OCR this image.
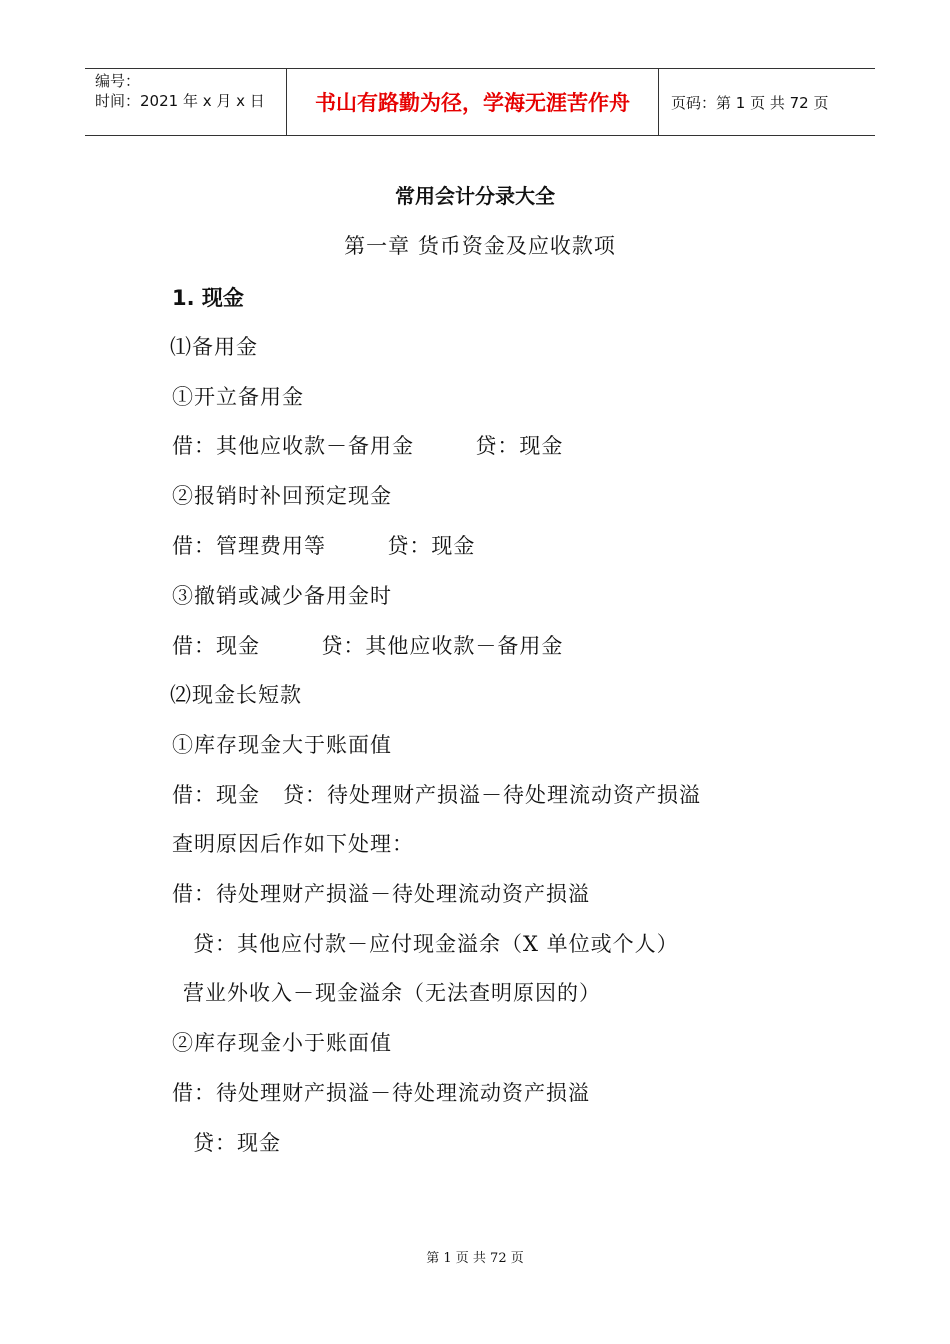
编号：
时间：2021 年 x 月 x 日	书山有路勤为径，学海无涯苦作舟	页码：第 1 页 共 72 页
常用会计分录大全
第一章 货币资金及应收款项
1. 现金
⑴备用金
①开立备用金
借：其他应收款－备用金        贷：现金
②报销时补回预定现金
借：管理费用等        贷：现金
③撤销或减少备用金时
借：现金        贷：其他应收款－备用金
⑵现金长短款
①库存现金大于账面值
借：现金   贷：待处理财产损溢－待处理流动资产损溢
查明原因后作如下处理：
借：待处理财产损溢－待处理流动资产损溢
贷：其他应付款－应付现金溢余（X 单位或个人）
营业外收入－现金溢余（无法查明原因的）
②库存现金小于账面值
借：待处理财产损溢－待处理流动资产损溢
贷：现金
第 1 页 共 72 页
